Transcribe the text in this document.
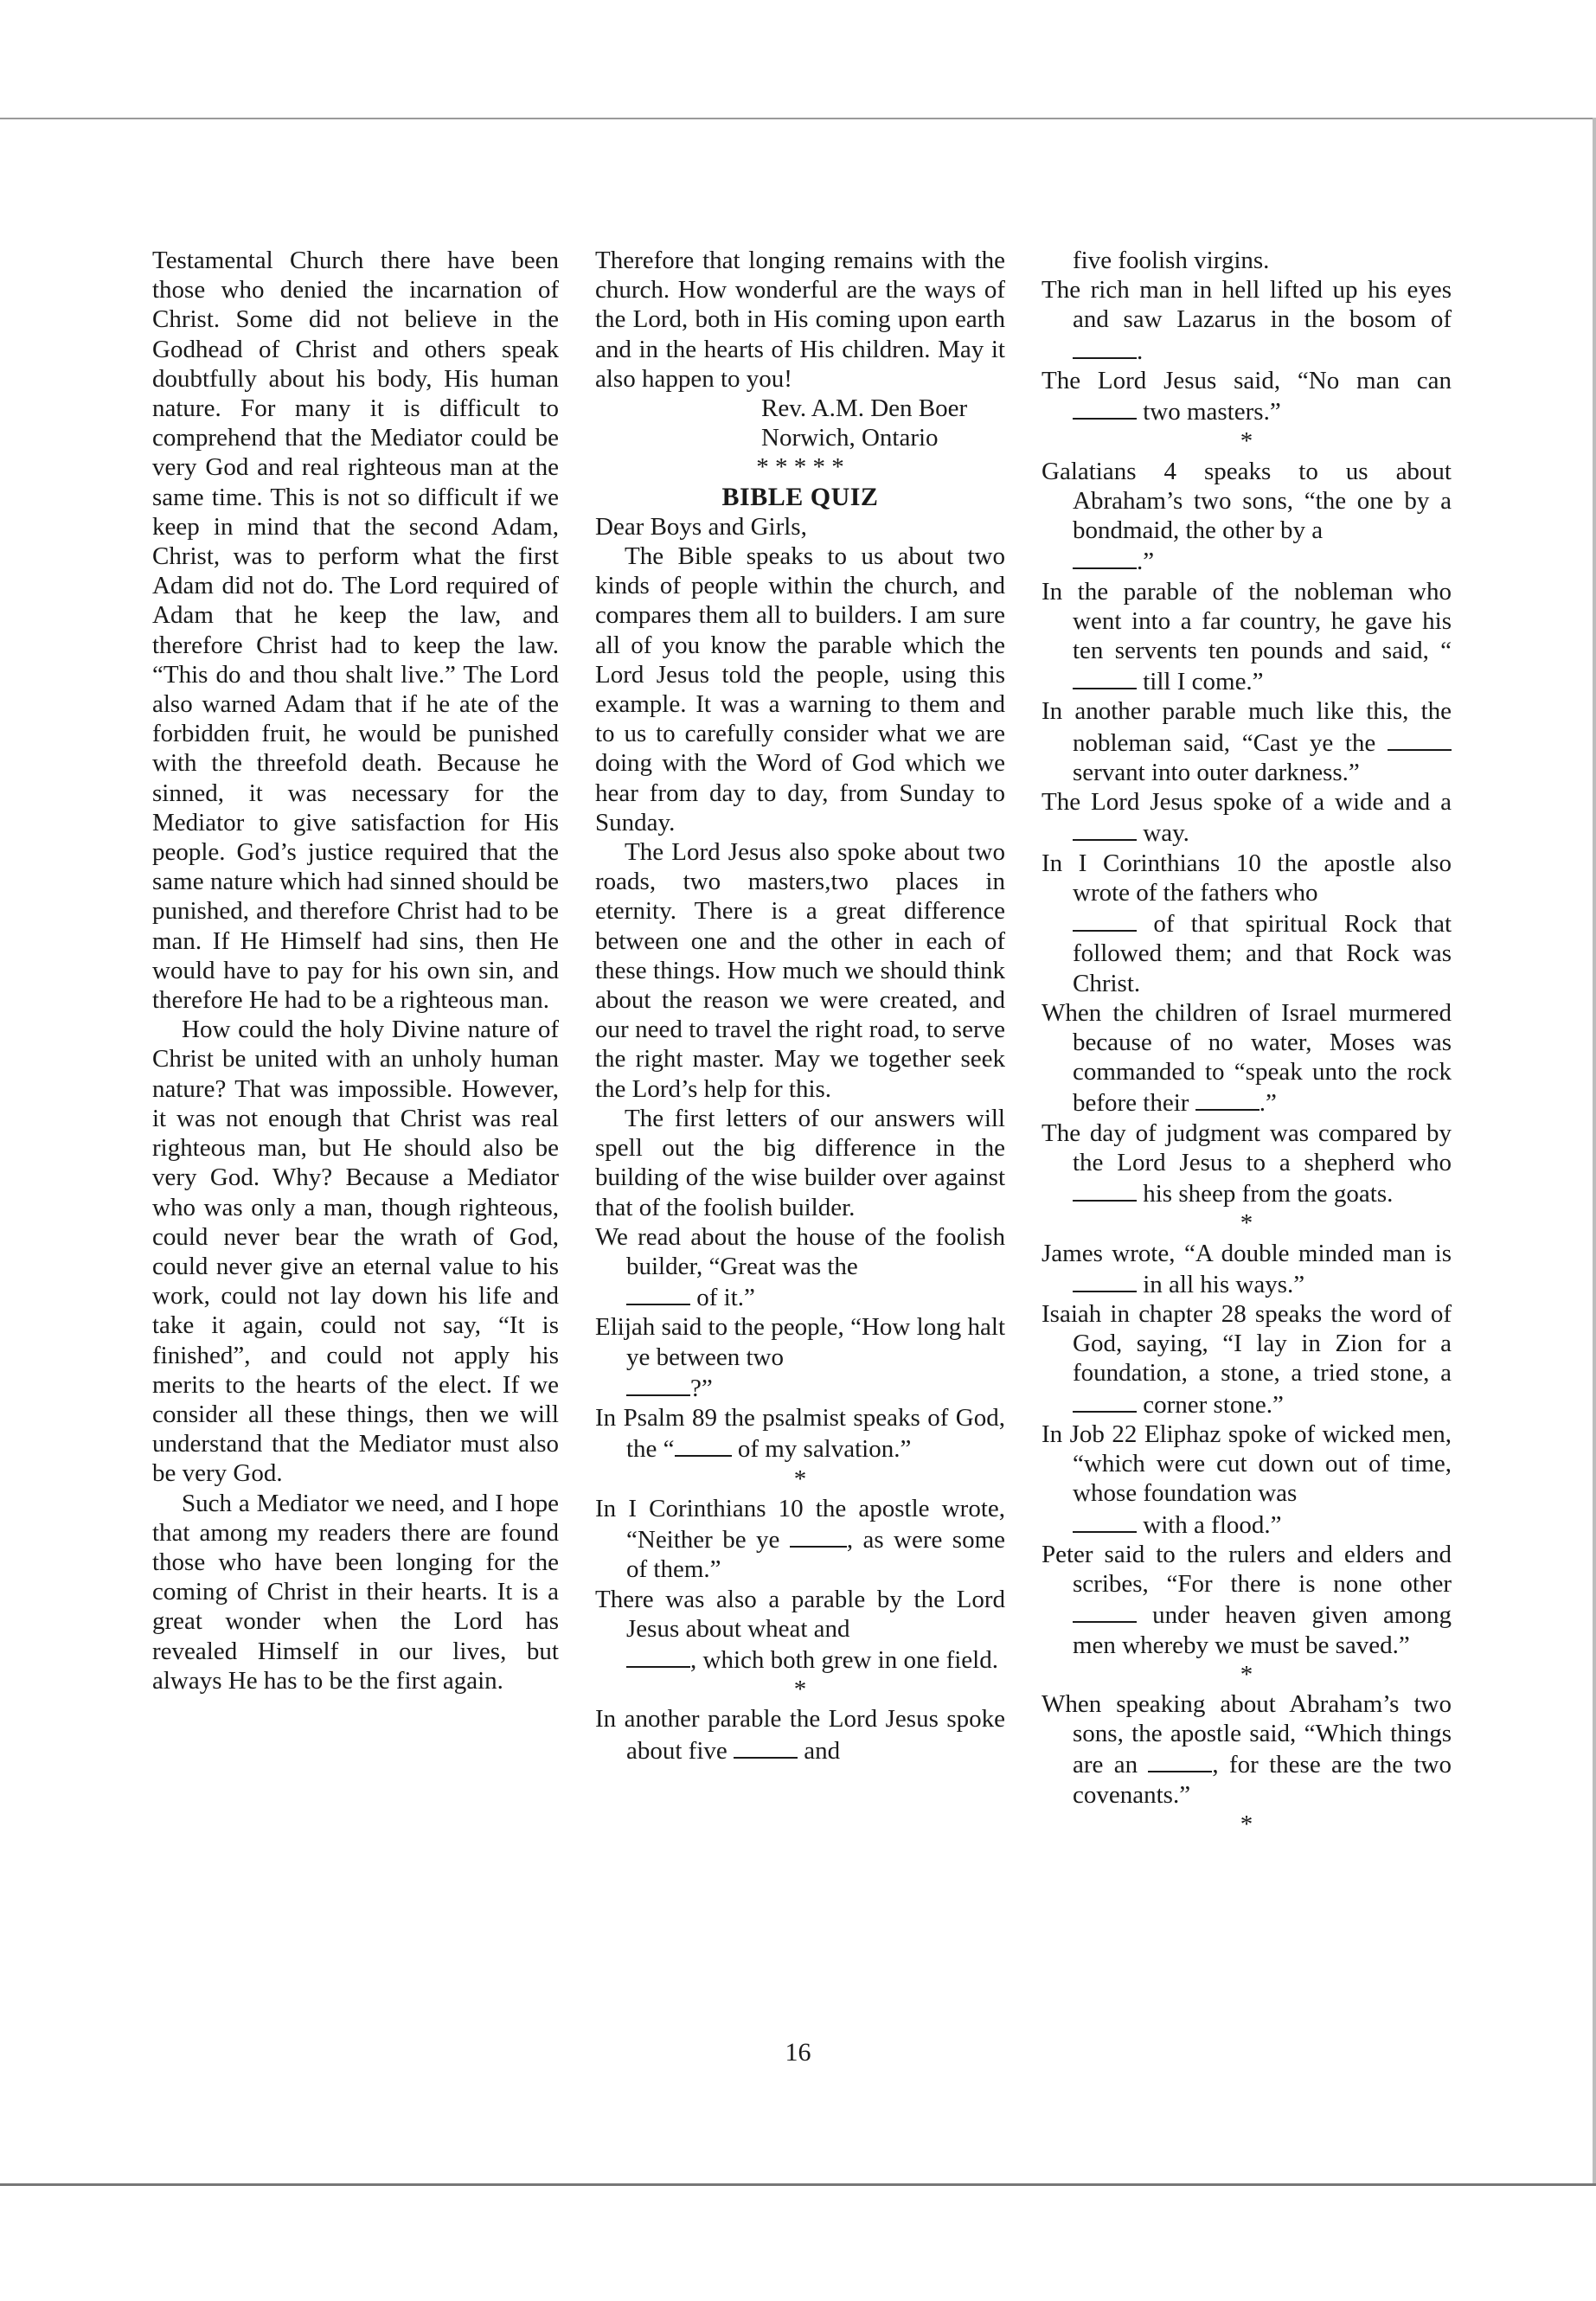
Testamental Church there have been those who denied the incarnation of Christ. Some did not believe in the Godhead of Christ and others speak doubtfully about his body, His human nature. For many it is difficult to comprehend that the Mediator could be very God and real righteous man at the same time. This is not so difficult if we keep in mind that the second Adam, Christ, was to perform what the first Adam did not do. The Lord required of Adam that he keep the law, and therefore Christ had to keep the law. “This do and thou shalt live.” The Lord also warned Adam that if he ate of the forbidden fruit, he would be punished with the threefold death. Because he sinned, it was necessary for the Mediator to give satisfaction for His people. God’s justice required that the same nature which had sinned should be punished, and therefore Christ had to be man. If He Himself had sins, then He would have to pay for his own sin, and therefore He had to be a righteous man.

How could the holy Divine nature of Christ be united with an unholy human nature? That was impossible. However, it was not enough that Christ was real righteous man, but He should also be very God. Why? Because a Mediator who was only a man, though righteous, could never bear the wrath of God, could never give an eternal value to his work, could not lay down his life and take it again, could not say, “It is finished”, and could not apply his merits to the hearts of the elect. If we consider all these things, then we will understand that the Mediator must also be very God.

Such a Mediator we need, and I hope that among my readers there are found those who have been longing for the coming of Christ in their hearts. It is a great wonder when the Lord has revealed Himself in our lives, but always He has to be the first again.

Therefore that longing remains with the church. How wonderful are the ways of the Lord, both in His coming upon earth and in the hearts of His children. May it also happen to you!

Rev. A.M. Den Boer

Norwich, Ontario

* * * * *

BIBLE QUIZ

Dear Boys and Girls,

The Bible speaks to us about two kinds of people within the church, and compares them all to builders. I am sure all of you know the parable which the Lord Jesus told the people, using this example. It was a warning to them and to us to carefully consider what we are doing with the Word of God which we hear from day to day, from Sunday to Sunday.

The Lord Jesus also spoke about two roads, two masters,two places in eternity. There is a great difference between one and the other in each of these things. How much we should think about the reason we were created, and our need to travel the right road, to serve the right master. May we together seek the Lord’s help for this.

The first letters of our answers will spell out the big difference in the building of the wise builder over against that of the foolish builder.

We read about the house of the foolish builder, “Great was the
of it.”

Elijah said to the people, “How long halt ye between two
?”

In Psalm 89 the psalmist speaks of God, the “	of my salvation.”

*

In I Corinthians 10 the apostle wrote, “Neither be ye	, as were some of them.”

There was also a parable by the Lord Jesus about wheat and
, which both grew in one field.

*

In another parable the Lord Jesus spoke about five	and

five foolish virgins.

The rich man in hell lifted up his eyes and saw Lazarus in the bosom of .

The Lord Jesus said, “No man can  two masters.”

*

Galatians 4 speaks to us about Abraham’s two sons, “the one by a bondmaid, the other by a
.”

In the parable of the nobleman who went into a far country, he gave his ten servents ten pounds and said, “ till I come.”

In another parable much like this, the nobleman said, “Cast ye the  servant into outer darkness.”

The Lord Jesus spoke of a wide and a  way.

In I Corinthians 10 the apostle also wrote of the fathers who
of that spiritual Rock that followed them; and that Rock was Christ.

When the children of Israel murmered because of no water, Moses was commanded to “speak unto the rock before their	.”

The day of judgment was compared by the Lord Jesus to a shepherd who  his sheep from the goats.

*

James wrote, “A double minded man is  in all his ways.”

Isaiah in chapter 28 speaks the word of God, saying, “I lay in Zion for a foundation, a stone, a tried stone, a  corner stone.”

In Job 22 Eliphaz spoke of wicked men, “which were cut down out of time, whose foundation was
with a flood.”

Peter said to the rulers and elders and scribes, “For there is none other  under heaven given among men whereby we must be saved.”

*

When speaking about Abraham’s two sons, the apostle said, “Which things are an	, for these are the two covenants.”

*

16
